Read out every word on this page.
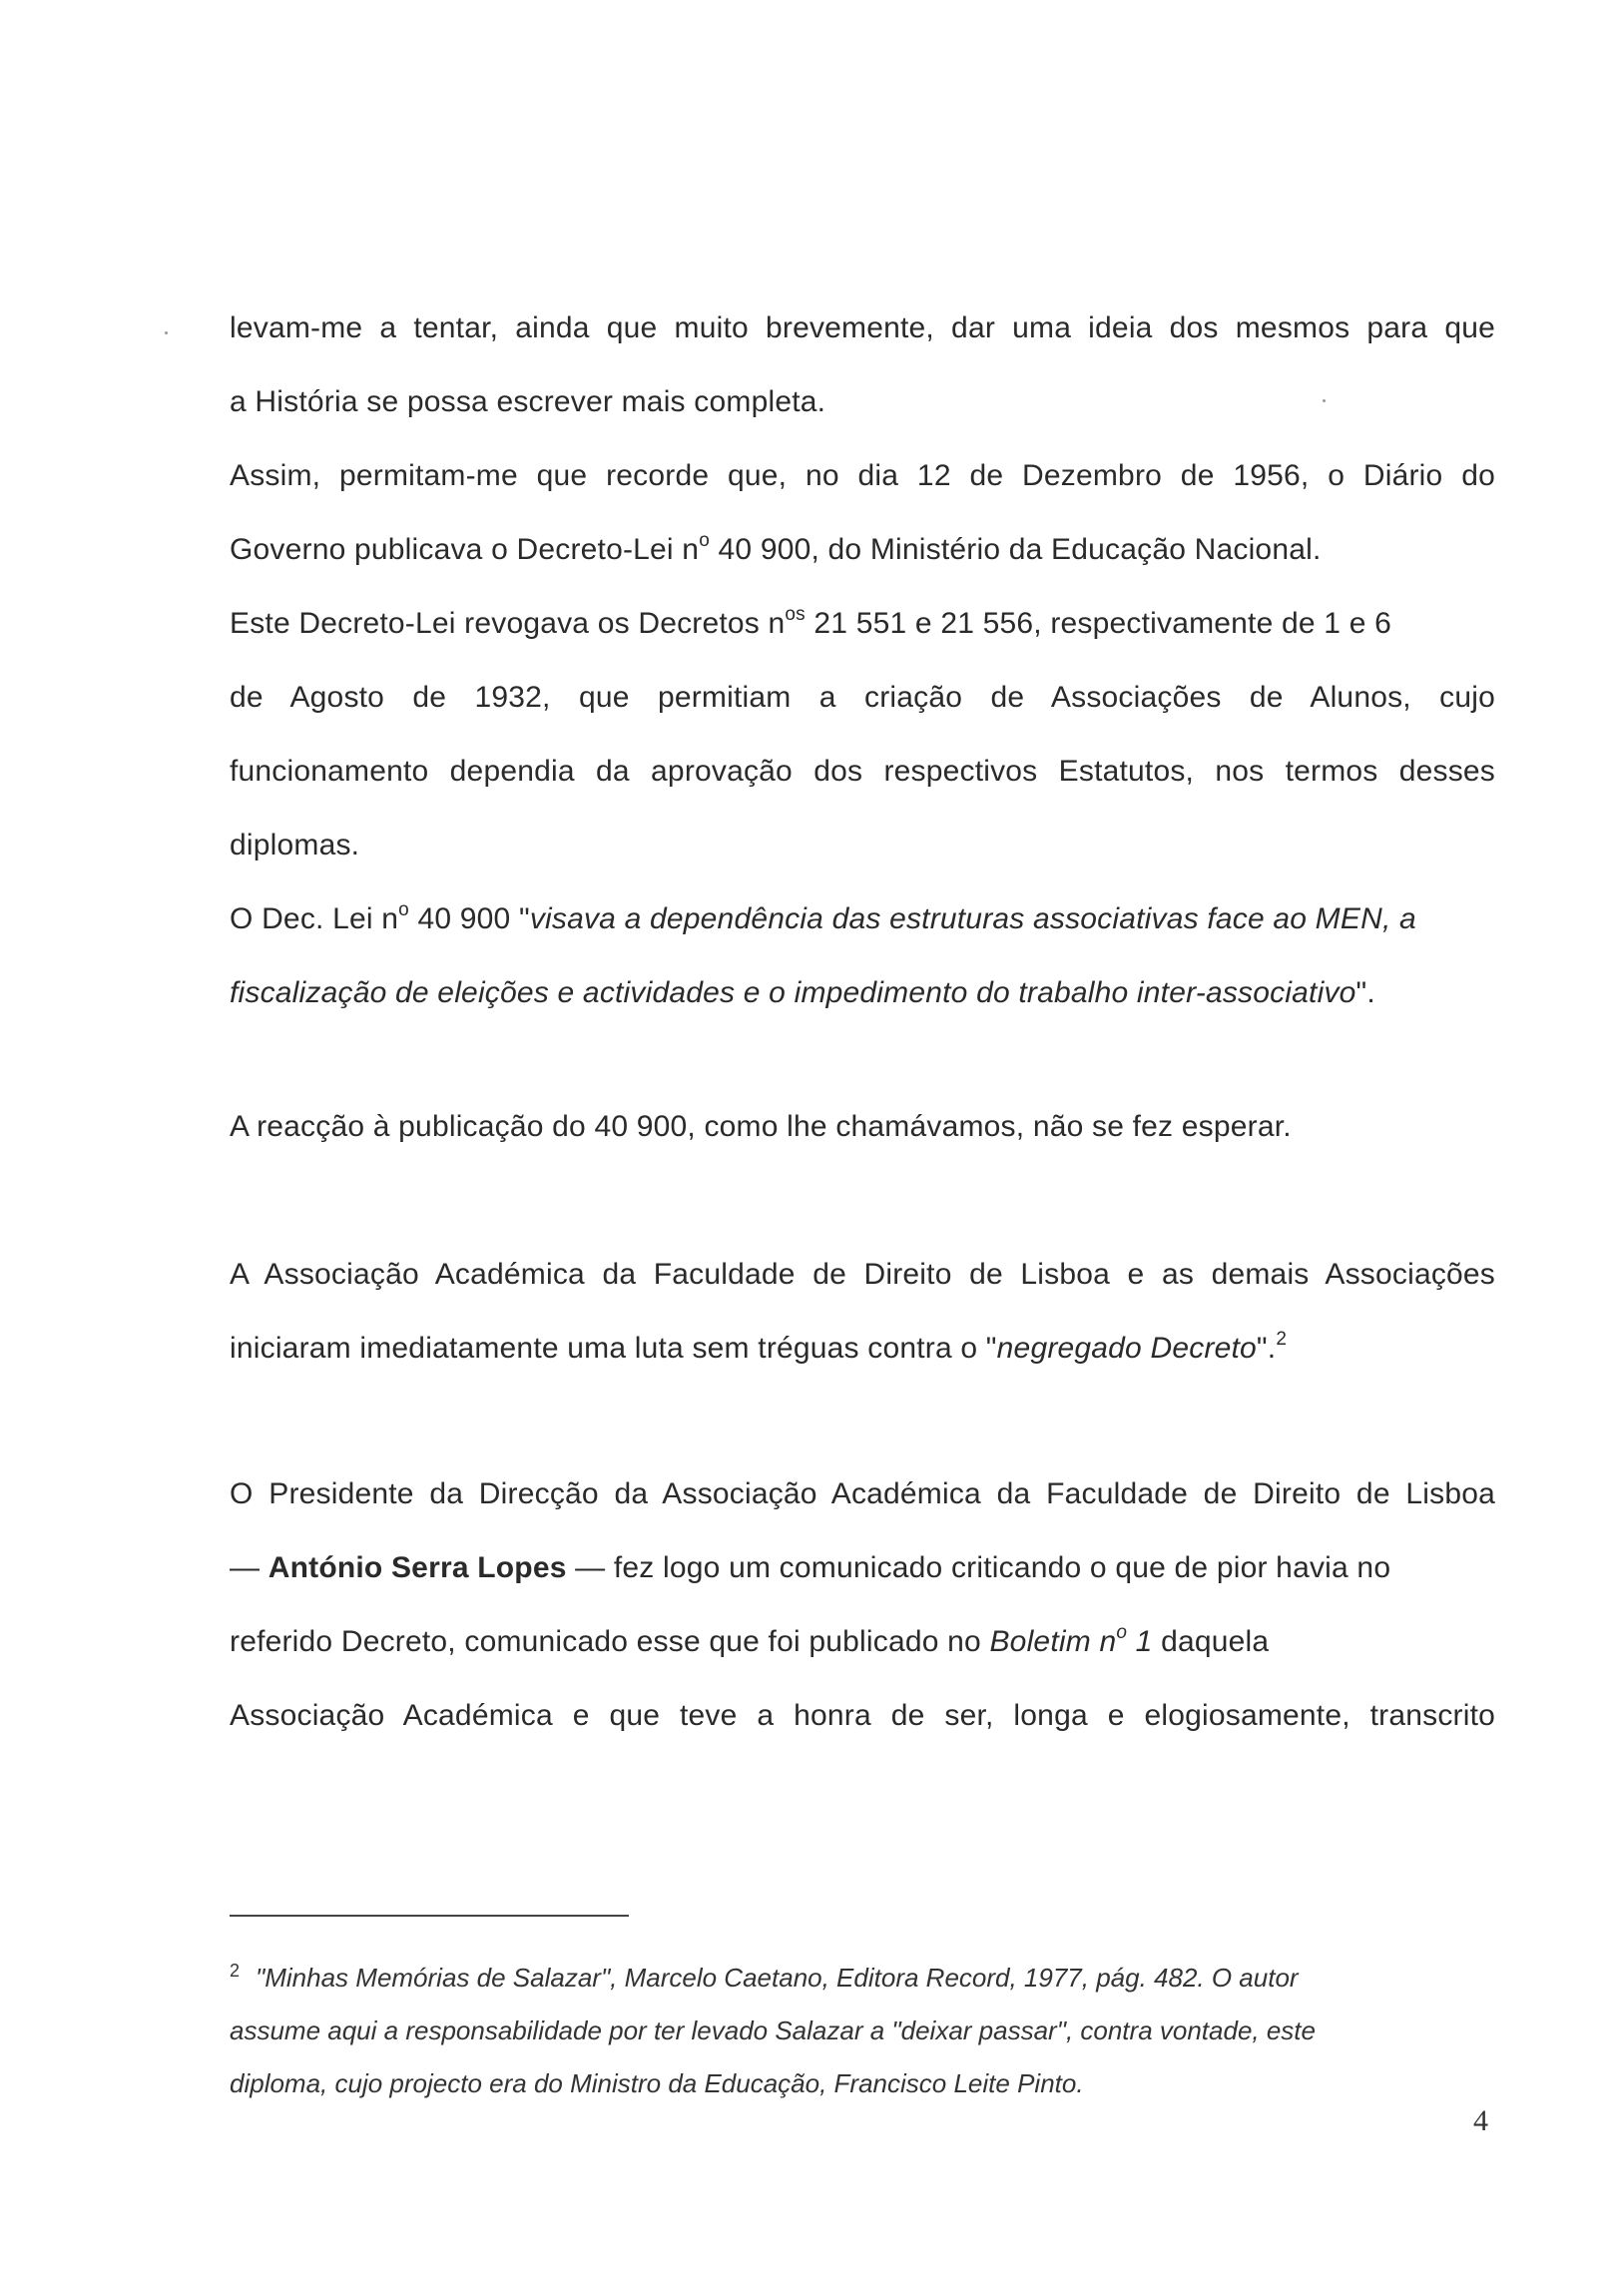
levam-me a tentar, ainda que muito brevemente, dar uma ideia dos mesmos para que
a História se possa escrever mais completa.
Assim, permitam-me que recorde que, no dia 12 de Dezembro de 1956, o Diário do
Governo publicava o Decreto-Lei $n^o$ 40 900, do Ministério da Educação Nacional.
Este Decreto-Lei revogava os Decretos $n^{os}$ 21 551 e 21 556, respectivamente de 1 e 6
de Agosto de 1932, que permitiam a criação de Associações de Alunos, cujo
funcionamento dependia da aprovação dos respectivos Estatutos, nos termos desses
diplomas.
O Dec. Lei $n^o$ 40 900 "visava a dependência das estruturas associativas face ao MEN, a
fiscalização de eleições e actividades e o impedimento do trabalho inter-associativo".
A reacção à publicação do 40 900, como lhe chamávamos, não se fez esperar.
A Associação Académica da Faculdade de Direito de Lisboa e as demais Associações
iniciaram imediatamente uma luta sem tréguas contra o "negregado Decreto".$^2$
O Presidente da Direcção da Associação Académica da Faculdade de Direito de Lisboa
— António Serra Lopes — fez logo um comunicado criticando o que de pior havia no
referido Decreto, comunicado esse que foi publicado no Boletim $n^o$ 1 daquela
Associação Académica e que teve a honra de ser, longa e elogiosamente, transcrito
$^2$ "Minhas Memórias de Salazar", Marcelo Caetano, Editora Record, 1977, pág. 482. O autor
assume aqui a responsabilidade por ter levado Salazar a "deixar passar", contra vontade, este
diploma, cujo projecto era do Ministro da Educação, Francisco Leite Pinto.
4
